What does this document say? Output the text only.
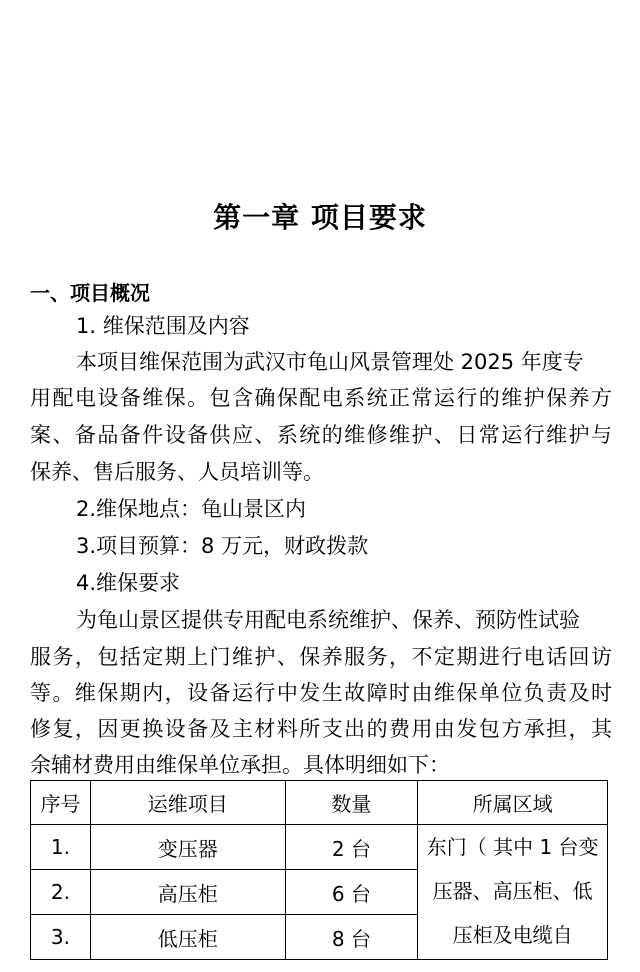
第一章 项目要求
一、项目概况
1. 维保范围及内容
本项目维保范围为武汉市龟山风景管理处 2025 年度专
用配电设备维保。包含确保配电系统正常运行的维护保养方
案、备品备件设备供应、系统的维修维护、日常运行维护与
保养、售后服务、人员培训等。
2.维保地点：龟山景区内
3.项目预算：8 万元，财政拨款
4.维保要求
为龟山景区提供专用配电系统维护、保养、预防性试验
服务，包括定期上门维护、保养服务，不定期进行电话回访
等。维保期内，设备运行中发生故障时由维保单位负责及时
修复，因更换设备及主材料所支出的费用由发包方承担，其
余辅材费用由维保单位承担。具体明细如下：
序号	运维项目	数量	所属区域
1.	变压器	2 台	东门（ 其中 1 台变
压器、高压柜、低
压柜及电缆自

2.	高压柜	6 台	
3.	低压柜	8 台	
